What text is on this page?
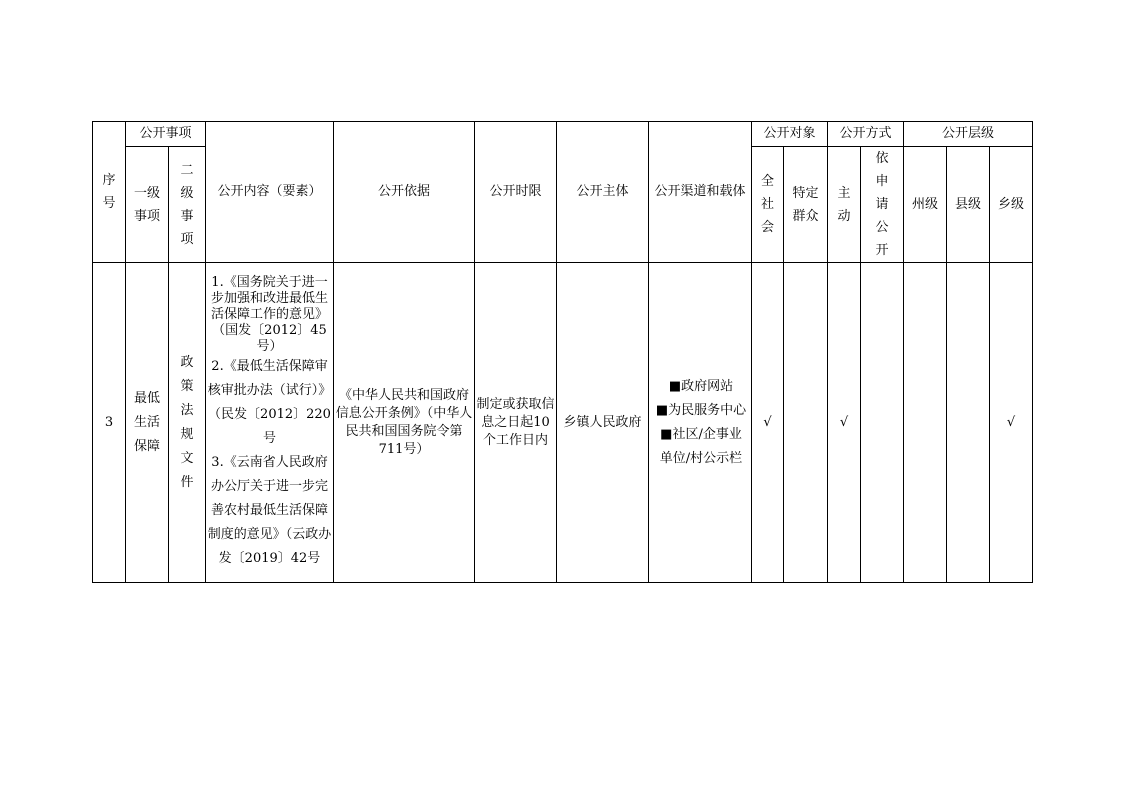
序号	公开事项		公开内容（要素）	公开依据	公开时限	公开主体	公开渠道和载体	公开对象		公开方式		公开层级		
	一级事项	二级事项						全社会	特定群众	主动	依申请公开	州级	县级	乡级
3	最低生活保障	政策法规文件	1.《国务院关于进一步加强和改进最低生活保障工作的意见》（国发〔2012〕45号）
2.《最低生活保障审核审批办法（试行）》（民发〔2012〕220号
3.《云南省人民政府办公厅关于进一步完善农村最低生活保障制度的意见》（云政办发〔2019〕42号	《中华人民共和国政府信息公开条例》（中华人民共和国国务院令第711号）	制定或获取信息之日起10个工作日内	乡镇人民政府	■政府网站
■为民服务中心
■社区/企事业单位/村公示栏	√		√				√
